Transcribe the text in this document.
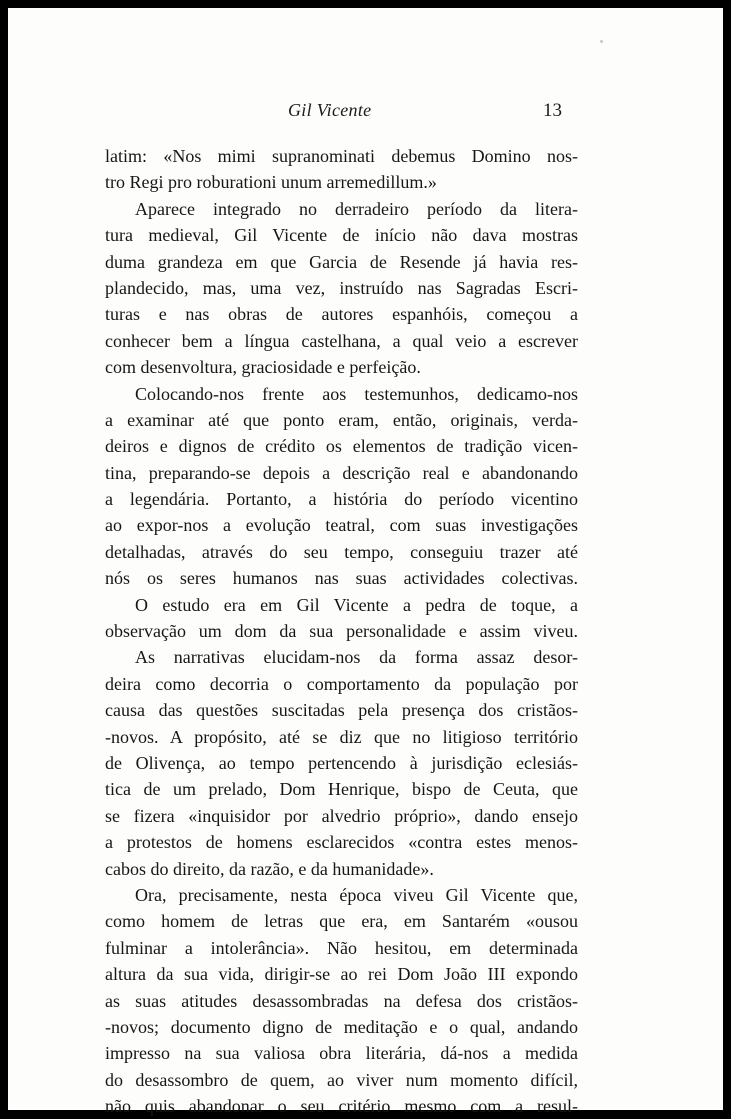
Gil Vicente	13
latim: «Nos mimi supranominati debemus Domino nos-
tro Regi pro roburationi unum arremedillum.»
Aparece integrado no derradeiro período da litera-
tura medieval, Gil Vicente de início não dava mostras
duma grandeza em que Garcia de Resende já havia res-
plandecido, mas, uma vez, instruído nas Sagradas Escri-
turas e nas obras de autores espanhóis, começou a
conhecer bem a língua castelhana, a qual veio a escrever
com desenvoltura, graciosidade e perfeição.
Colocando-nos frente aos testemunhos, dedicamo-nos
a examinar até que ponto eram, então, originais, verda-
deiros e dignos de crédito os elementos de tradição vicen-
tina, preparando-se depois a descrição real e abandonando
a legendária. Portanto, a história do período vicentino
ao expor-nos a evolução teatral, com suas investigações
detalhadas, através do seu tempo, conseguiu trazer até
nós os seres humanos nas suas actividades colectivas.
O estudo era em Gil Vicente a pedra de toque, a
observação um dom da sua personalidade e assim viveu.
As narrativas elucidam-nos da forma assaz desor-
deira como decorria o comportamento da população por
causa das questões suscitadas pela presença dos cristãos-
-novos. A propósito, até se diz que no litigioso território
de Olivença, ao tempo pertencendo à jurisdição eclesiás-
tica de um prelado, Dom Henrique, bispo de Ceuta, que
se fizera «inquisidor por alvedrio próprio», dando ensejo
a protestos de homens esclarecidos «contra estes menos-
cabos do direito, da razão, e da humanidade».
Ora, precisamente, nesta época viveu Gil Vicente que,
como homem de letras que era, em Santarém «ousou
fulminar a intolerância». Não hesitou, em determinada
altura da sua vida, dirigir-se ao rei Dom João III expondo
as suas atitudes desassombradas na defesa dos cristãos-
-novos; documento digno de meditação e o qual, andando
impresso na sua valiosa obra literária, dá-nos a medida
do desassombro de quem, ao viver num momento difícil,
não quis abandonar o seu critério mesmo com a resul-
